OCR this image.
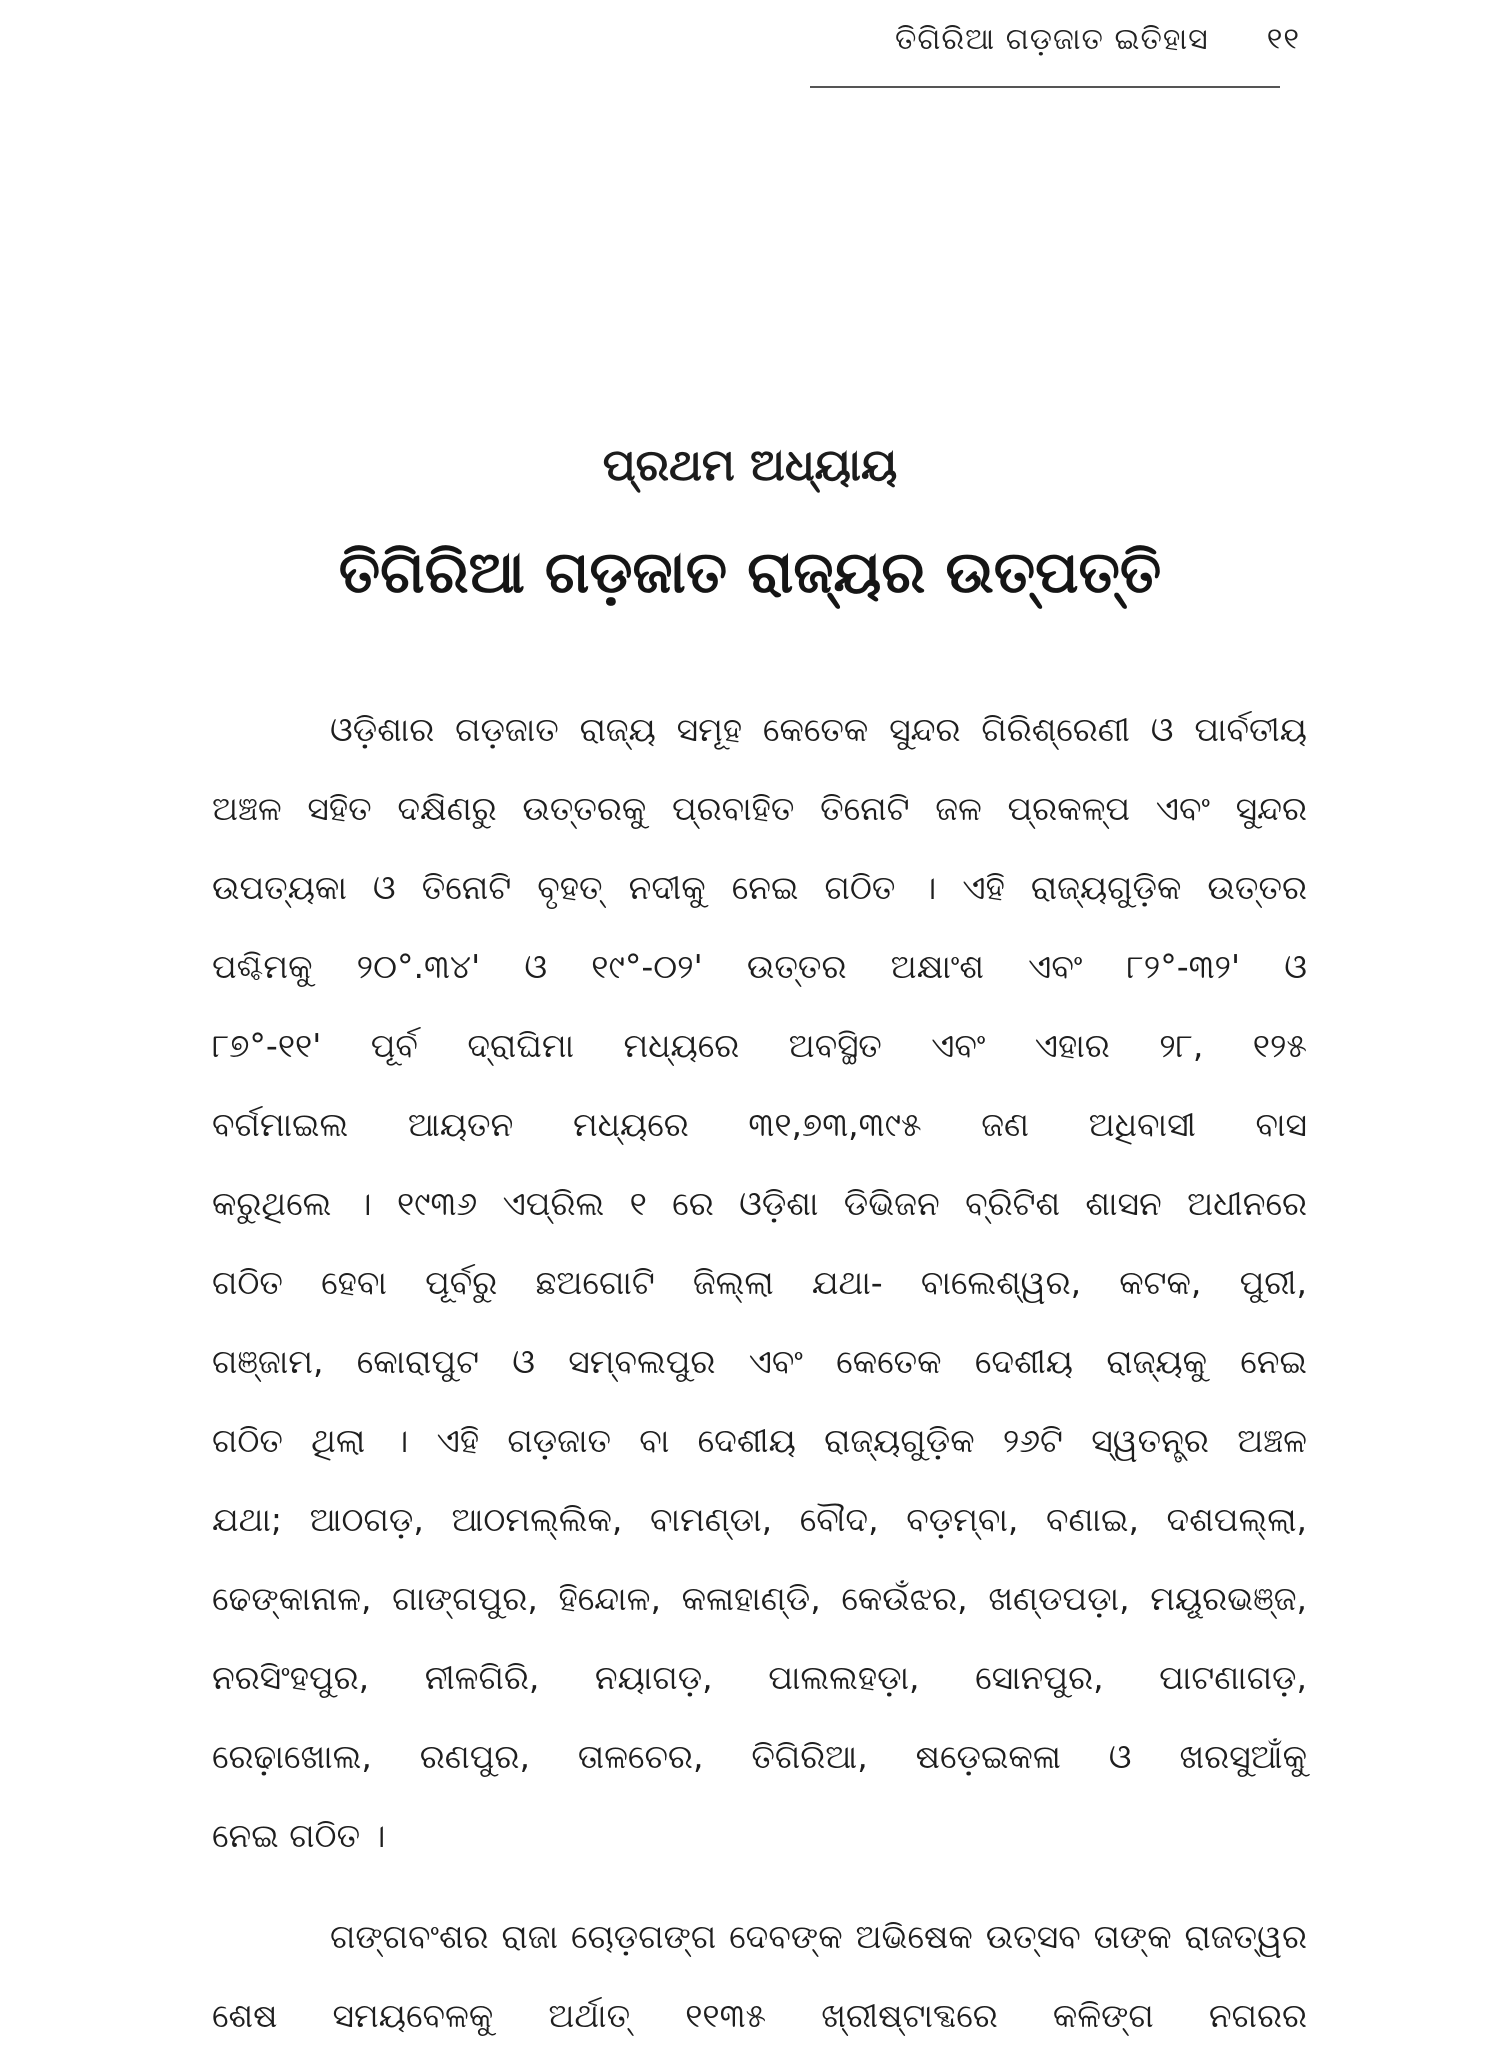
ତିଗିରିଆ ଗଡ଼ଜାତ ଇତିହାସ ୧୧
ପ୍ରଥମ ଅଧ୍ୟାୟ
ତିଗିରିଆ ଗଡ଼ଜାତ ରାଜ୍ୟର ଉତ୍ପତ୍ତି
ଓଡ଼ିଶାର ଗଡ଼ଜାତ ରାଜ୍ୟ ସମୂହ କେତେକ ସୁନ୍ଦର ଗିରିଶ୍ରେଣୀ ଓ ପାର୍ବତୀୟ
ଅଞ୍ଚଳ ସହିତ ଦକ୍ଷିଣରୁ ଉତ୍ତରକୁ ପ୍ରବାହିତ ତିନୋଟି ଜଳ ପ୍ରକଳ୍ପ ଏବଂ ସୁନ୍ଦର
ଉପତ୍ୟକା ଓ ତିନୋଟି ବୃହତ୍ ନଦୀକୁ ନେଇ ଗଠିତ । ଏହି ରାଜ୍ୟଗୁଡ଼ିକ ଉତ୍ତର
ପଶ୍ଚିମକୁ ୨୦°.୩୪' ଓ ୧୯°-୦୨' ଉତ୍ତର ଅକ୍ଷାଂଶ ଏବଂ ୮୨°-୩୨' ଓ
୮୭°-୧୧' ପୂର୍ବ ଦ୍ରାଘିମା ମଧ୍ୟରେ ଅବସ୍ଥିତ ଏବଂ ଏହାର ୨୮, ୧୨୫
ବର୍ଗମାଇଲ ଆୟତନ ମଧ୍ୟରେ ୩୧,୭୩,୩୯୫ ଜଣ ଅଧିବାସୀ ବାସ
କରୁଥିଲେ । ୧୯୩୬ ଏପ୍ରିଲ ୧ ରେ ଓଡ଼ିଶା ଡିଭିଜନ ବ୍ରିଟିଶ ଶାସନ ଅଧୀନରେ
ଗଠିତ ହେବା ପୂର୍ବରୁ ଛଅଗୋଟି ଜିଲ୍ଲା ଯଥା- ବାଲେଶ୍ୱର, କଟକ, ପୁରୀ,
ଗଞ୍ଜାମ, କୋରାପୁଟ ଓ ସମ୍ବଲପୁର ଏବଂ କେତେକ ଦେଶୀୟ ରାଜ୍ୟକୁ ନେଇ
ଗଠିତ ଥିଲା । ଏହି ଗଡ଼ଜାତ ବା ଦେଶୀୟ ରାଜ୍ୟଗୁଡ଼ିକ ୨୬ଟି ସ୍ୱତନ୍ତ୍ର ଅଞ୍ଚଳ
ଯଥା; ଆଠଗଡ଼, ଆଠମଲ୍ଲିକ, ବାମଣ୍ଡା, ବୌଦ, ବଡ଼ମ୍ବା, ବଣାଇ, ଦଶପଲ୍ଲା,
ଢେଙ୍କାନାଳ, ଗାଙ୍ଗପୁର, ହିନ୍ଦୋଳ, କଳାହାଣ୍ଡି, କେଉଁଝର, ଖଣ୍ଡପଡ଼ା, ମୟୂରଭଞ୍ଜ,
ନରସିଂହପୁର, ନୀଳଗିରି, ନୟାଗଡ଼, ପାଲଲହଡ଼ା, ସୋନପୁର, ପାଟଣାଗଡ଼,
ରେଢ଼ାଖୋଲ, ରଣପୁର, ତାଳଚେର, ତିଗିରିଆ, ଷଡ଼େଇକଳା ଓ ଖରସୁଆଁକୁ
ନେଇ ଗଠିତ ।
ଗଙ୍ଗବଂଶର ରାଜା ଚୋଡ଼ଗଙ୍ଗ ଦେବଙ୍କ ଅଭିଷେକ ଉତ୍ସବ ତାଙ୍କ ରାଜତ୍ୱର
ଶେଷ ସମୟବେଳକୁ ଅର୍ଥାତ୍ ୧୧୩୫ ଖ୍ରୀଷ୍ଟାବ୍ଦରେ କଳିଙ୍ଗ ନଗରର
